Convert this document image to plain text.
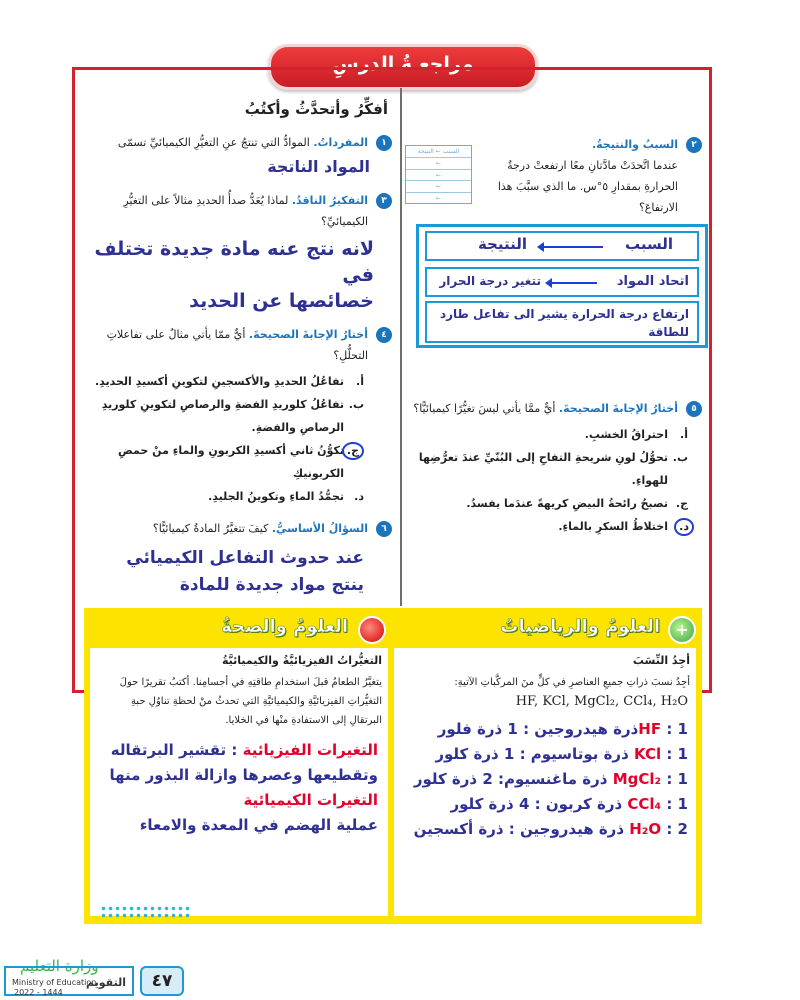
مراجعـةُ الدرسِ
أفكِّرُ وأتحدَّثُ وأكتُبُ
١
المفرداتُ. الموادُّ التي تنتجُ عنِ التغيُّرِ الكيميائيِّ تسمّى
المواد الناتجة
٣
التفكيرُ الناقدُ. لماذا يُعَدُّ صدأُ الحديدِ مثالاً على التغيُّرِ الكيميائيِّ؟
لانه نتج عنه مادة جديدة تختلف في
خصائصها عن الحديد
٤
أختارُ الإجابةَ الصحيحةَ. أيٌّ ممّا يأتي مثالٌ على تفاعلاتِ التحلُّلِ؟
أ.
تفاعُلُ الحديدِ والأكسجينِ لتكوينِ أكسيدِ الحديدِ.
ب.
تفاعُلُ كلوريدِ الفضةِ والرصاصِ لتكوينِ كلوريدِ الرصاصِ والفضةِ.
ج.
تكوُّنُ ثاني أكسيدِ الكربونِ والماءِ منْ حمضِ الكربونيكِ
د.
تجمُّدُ الماءِ وتكوينُ الجليدِ.
٦
السؤالُ الأساسيُّ. كيفَ تتغيَّرُ المادةُ كيميائيًّا؟
عند حدوث التفاعل الكيميائي
ينتج مواد جديدة للمادة
٢
السببُ والنتيجةُ. عندما اتَّحدَتْ مادَّتانِ معًا ارتفعتْ درجةُ الحرارةِ بمقدارِ ٥°س. ما الذي سبَّبَ هذا الارتفاعَ؟
السبب ← النتيجة
←
←
←
←
السبب
النتيجة
اتحاد المواد
تتغير درجة الحرار
ارتفاع درجة الحرارة يشير الى تفاعل طارد للطاقة
٥
أختارُ الإجابةَ الصحيحةَ. أيٌّ ممَّا يأتي ليسَ تغيُّرًا كيميائيًّا؟
أ.
احتراقُ الخشبِ.
ب.
تحوُّلُ لونِ شريحةِ التفاحِ إلى البُنّيِّ عندَ تعرُّضِها للهواءِ.
ج.
تصبحُ رائحةُ البيضِ كريهةً عندَما يفسدُ.
د.
اختلاطُ السكرِ بالماءِ.
+
العلومُ والرياضياتُ
العلومُ والصحةُ
أجِدُ النِّسَبَ
أجِدُ نسبَ ذراتِ جميعِ العناصرِ في كلٍّ منَ المركَّباتِ الآتيةِ:
HF, KCl, MgCl₂, CCl₄, H₂O
HF : 1ذرة هيدروجين : 1 ذرة فلور
KCl : 1 ذرة بوتاسيوم : 1 ذرة كلور
MgCl₂ : 1 ذرة ماغنسيوم: 2 ذرة كلور
CCl₄ : 1 ذرة كربون : 4 ذرة كلور
H₂O : 2 ذرة هيدروجين : ذرة أكسجين
التغيُّراتُ الفيزيائيَّةُ والكيميائيَّةُ
يتغيَّرُ الطعامُ قبلَ استخدامِ طاقتِهِ في أجسامِنا. أكتبُ تقريرًا حولَ التغيُّراتِ الفيزيائيَّةِ والكيميائيَّةِ التي تحدثُ منْ لحظةِ تناوُلِ حبةِ البرتقالِ إلى الاستفادةِ منْها في الخلايا.
التغيرات الفيزيائية : تقشير البرتقاله وتقطيعها وعصرها وازالة البذور منها
التغيرات الكيميائية
عملية الهضم في المعدة والامعاء
وزارة التعليم
التقويم
Ministry of Education
2022 - 1444
٤٧
